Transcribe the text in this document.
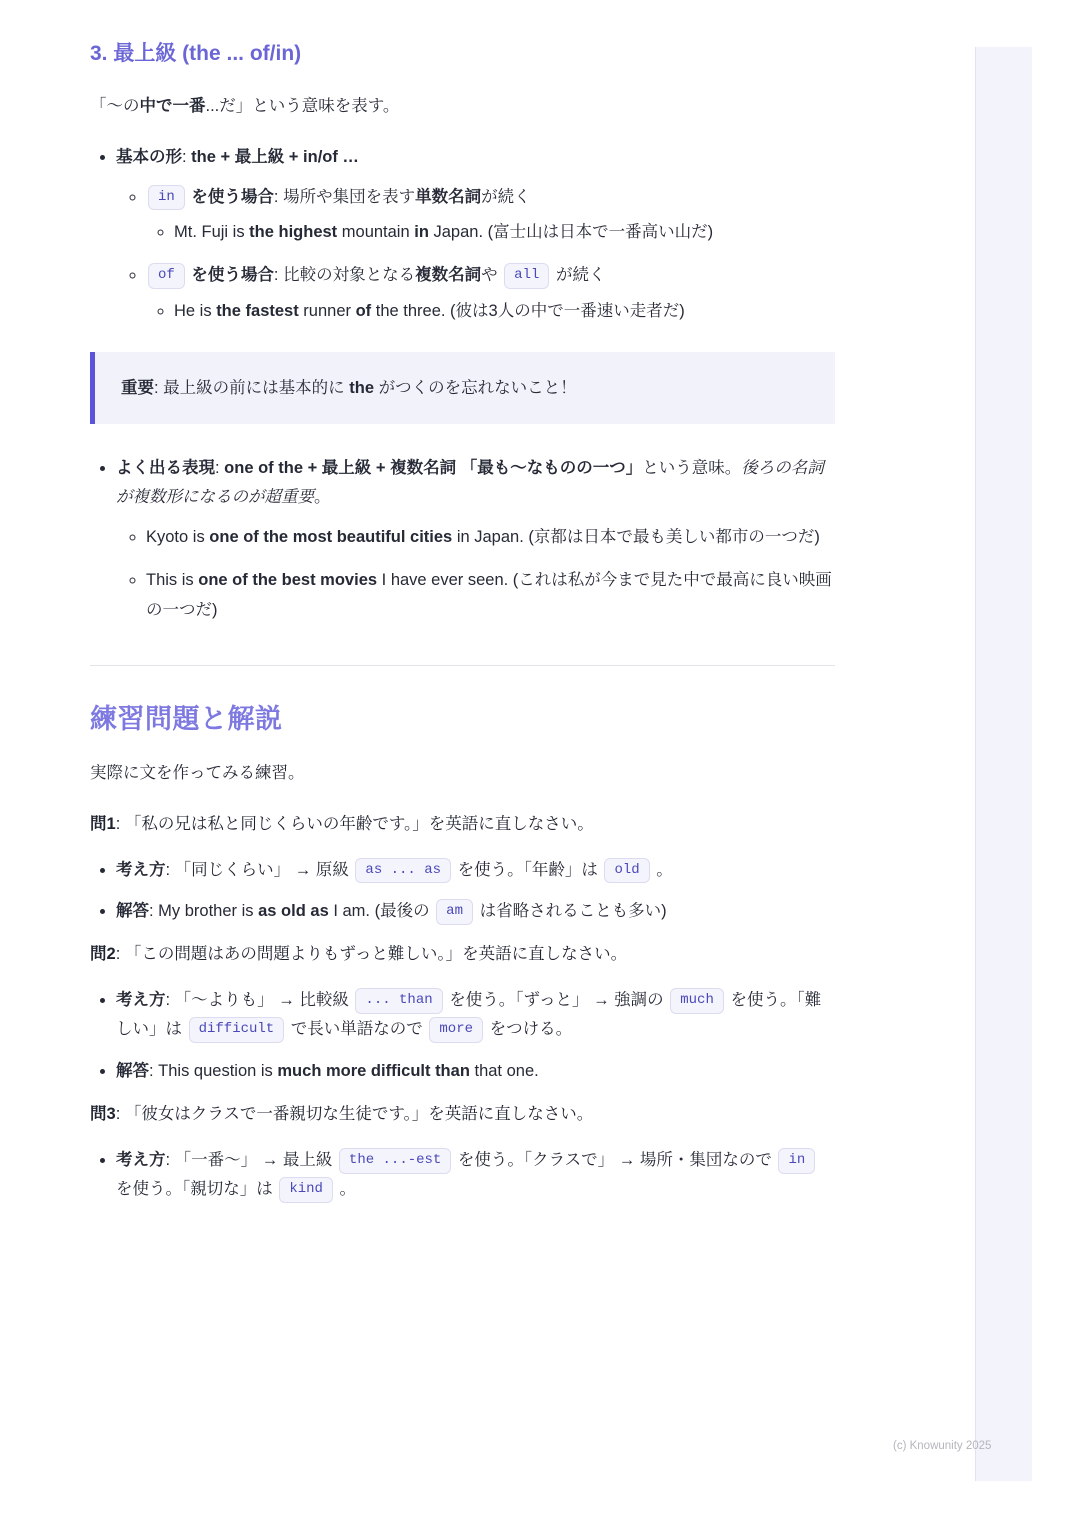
3. 最上級 (the ... of/in)

「〜の中で一番...だ」という意味を表す。

• 基本の形: the + 最上級 + in/of …
◦ in を使う場合: 場所や集団を表す単数名詞が続く
◦ Mt. Fuji is the highest mountain in Japan. (富士山は日本で一番高い山だ)
◦ of を使う場合: 比較の対象となる複数名詞や all が続く
◦ He is the fastest runner of the three. (彼は3人の中で一番速い走者だ)
重要: 最上級の前には基本的に the がつくのを忘れないこと！
• よく出る表現: one of the + 最上級 + 複数名詞 「最も〜なものの一つ」という意味。後ろの名詞が複数形になるのが超重要。
◦ Kyoto is one of the most beautiful cities in Japan. (京都は日本で最も美しい都市の一つだ)
◦ This is one of the best movies I have ever seen. (これは私が今まで見た中で最高に良い映画の一つだ)
練習問題と解説

実際に文を作ってみる練習。

問1: 「私の兄は私と同じくらいの年齢です。」を英語に直しなさい。

• 考え方: 「同じくらい」 → 原級 as ... as を使う。「年齢」は old 。
• 解答: My brother is as old as I am. (最後の am は省略されることも多い)

問2: 「この問題はあの問題よりもずっと難しい。」を英語に直しなさい。

• 考え方: 「〜よりも」 → 比較級 ... than を使う。「ずっと」 → 強調の much を使う。「難しい」は difficult で長い単語なので more をつける。
• 解答: This question is much more difficult than that one.

問3: 「彼女はクラスで一番親切な生徒です。」を英語に直しなさい。

• 考え方: 「一番〜」 → 最上級 the ...-est を使う。「クラスで」 → 場所・集団なので in を使う。「親切な」は kind 。
(c) Knowunity 2025
